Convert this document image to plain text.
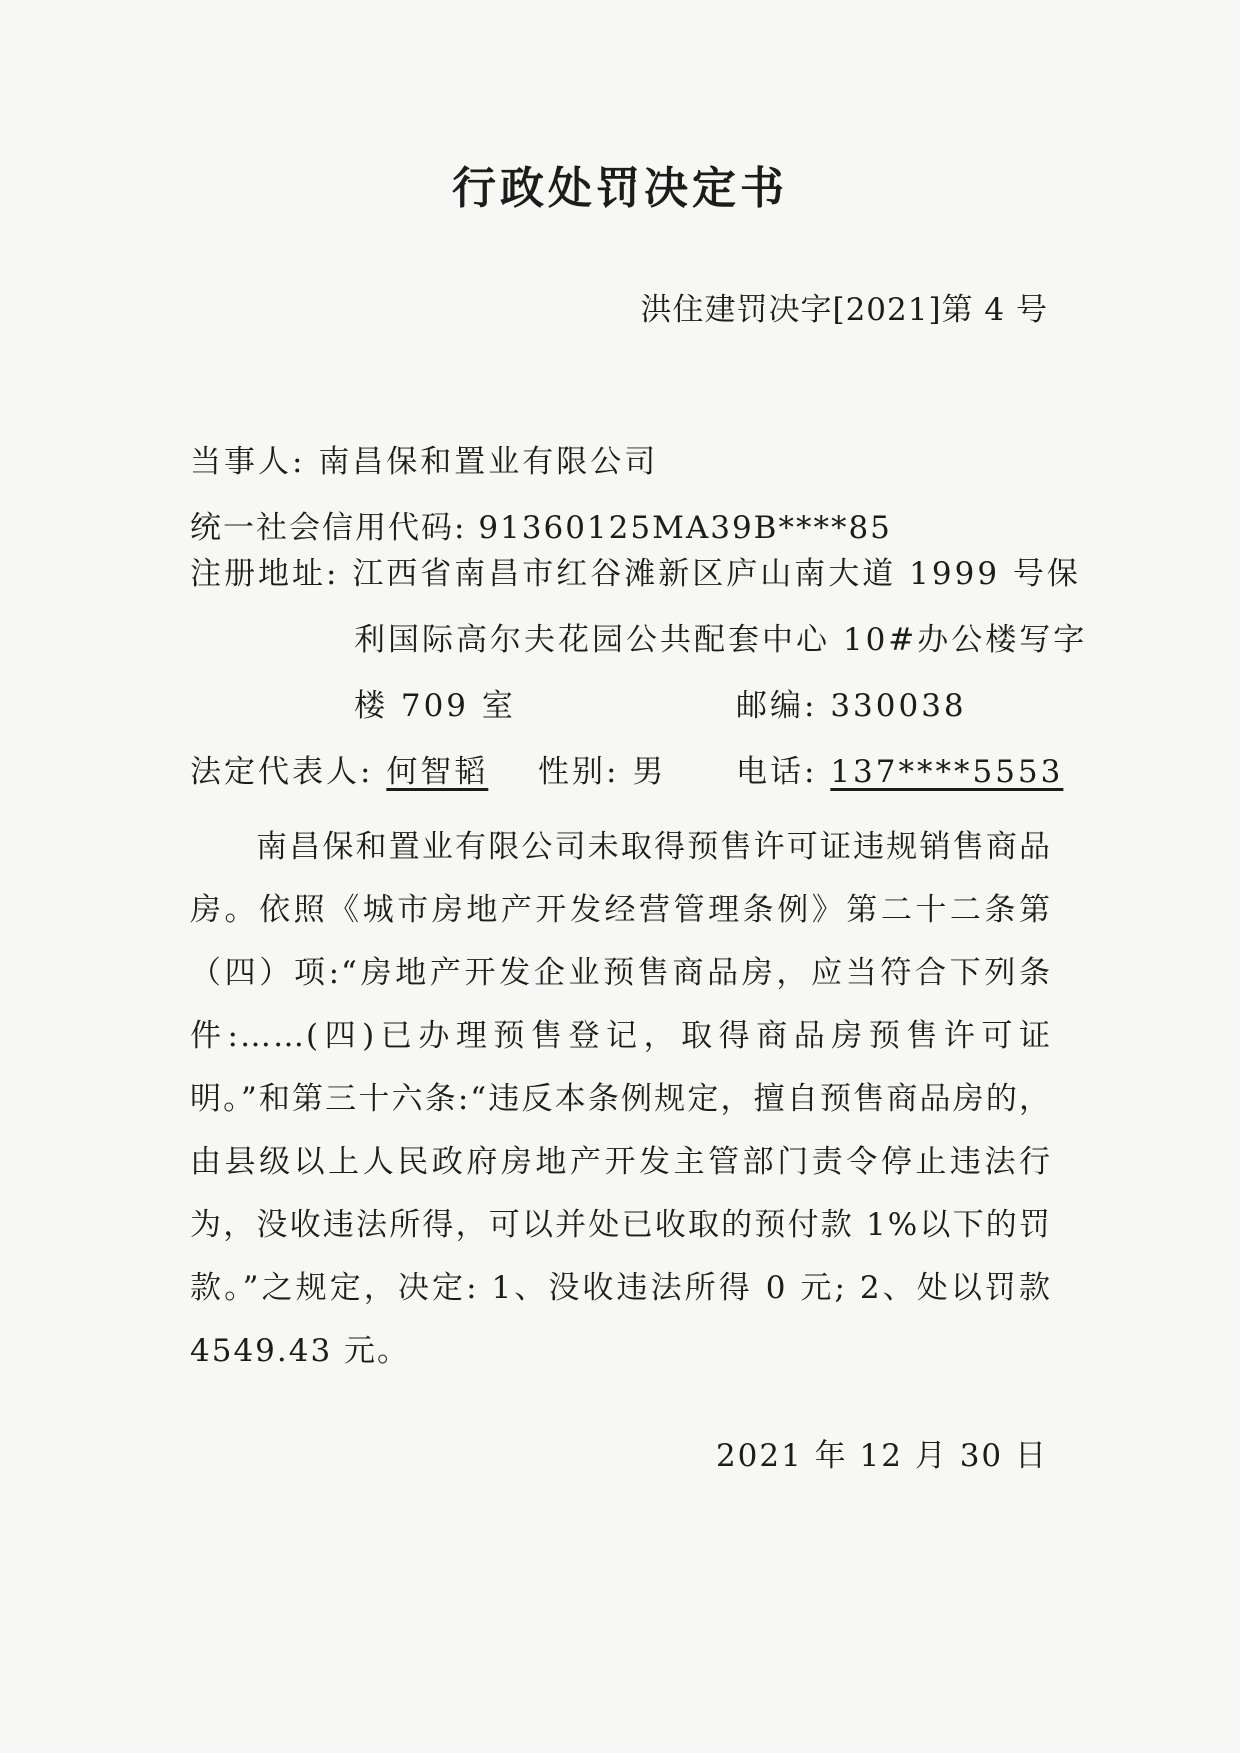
行政处罚决定书
洪住建罚决字[2021]第 4 号
当事人: 南昌保和置业有限公司
统一社会信用代码: 91360125MA39B****85
注册地址: 江西省南昌市红谷滩新区庐山南大道 1999 号保
利国际高尔夫花园公共配套中心 10#办公楼写字
楼 709 室	邮编: 330038
法定代表人: 何智韬 性别: 男 电话: 137****5553
南昌保和置业有限公司未取得预售许可证违规销售商品房。依照《城市房地产开发经营管理条例》第二十二条第（四）项:“房地产开发企业预售商品房，应当符合下列条件:……(四)已办理预售登记，取得商品房预售许可证明。”和第三十六条:“违反本条例规定，擅自预售商品房的，由县级以上人民政府房地产开发主管部门责令停止违法行为，没收违法所得，可以并处已收取的预付款 1%以下的罚款。”之规定，决定: 1、没收违法所得 0 元; 2、处以罚款 4549.43 元。
2021 年 12 月 30 日
